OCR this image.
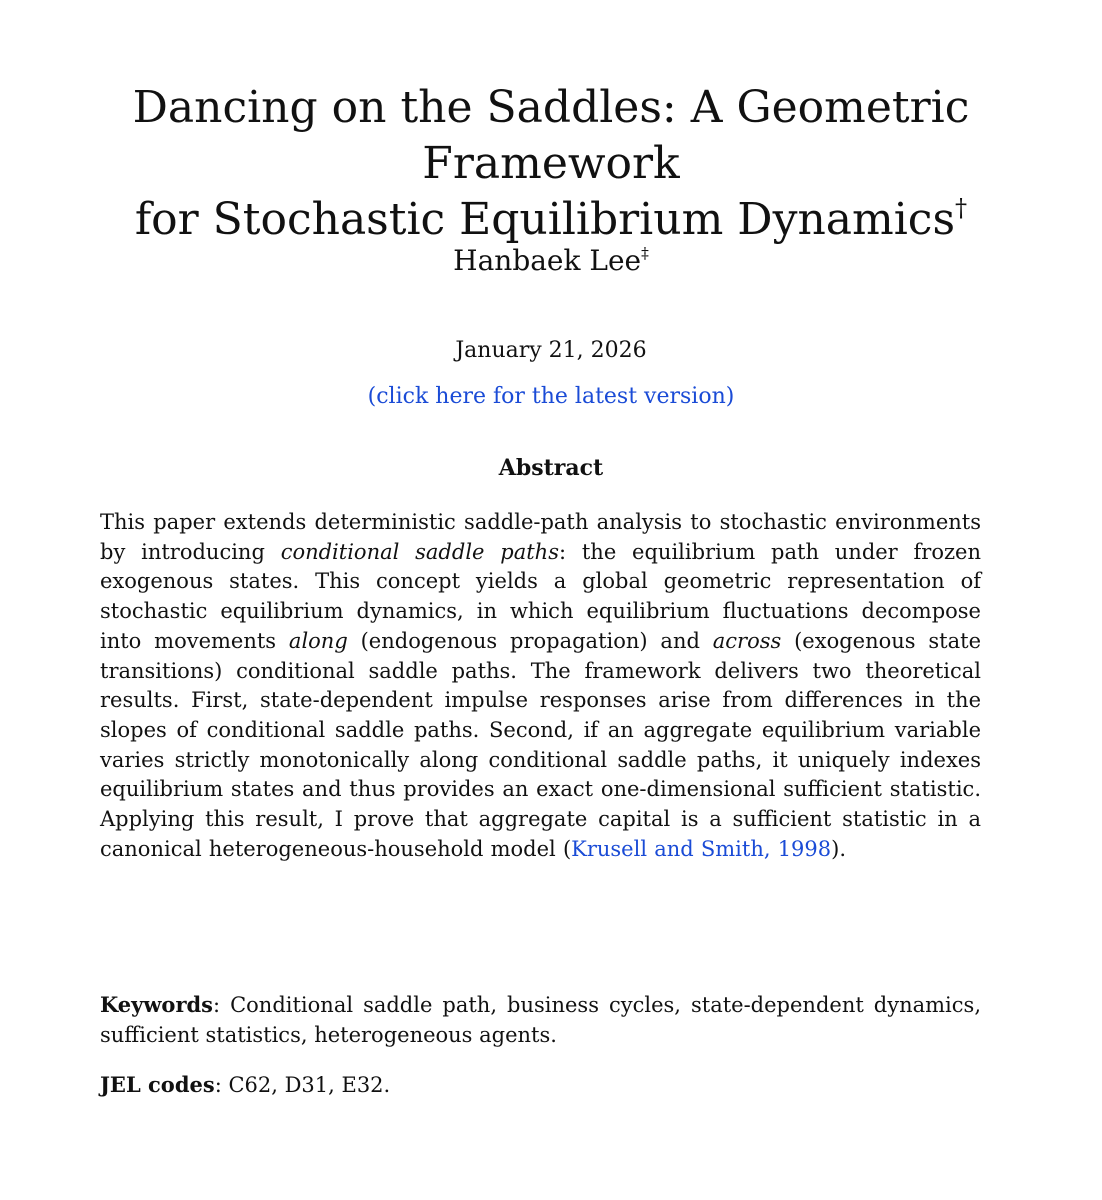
Dancing on the Saddles: A Geometric Framework
for Stochastic Equilibrium Dynamics†
Hanbaek Lee‡
January 21, 2026
(click here for the latest version)
Abstract
This paper extends deterministic saddle-path analysis to stochastic environments by introducing conditional saddle paths: the equilibrium path under frozen exogenous states. This concept yields a global geometric representation of stochastic equilibrium dynamics, in which equilibrium fluctuations decompose into movements along (endogenous propagation) and across (exogenous state transitions) conditional saddle paths. The framework delivers two theoretical results. First, state-dependent impulse responses arise from differences in the slopes of conditional saddle paths. Second, if an aggregate equilibrium variable varies strictly monotonically along conditional saddle paths, it uniquely indexes equilibrium states and thus provides an exact one-dimensional sufficient statistic. Applying this result, I prove that aggregate capital is a sufficient statistic in a canonical heterogeneous-household model (Krusell and Smith, 1998).
Keywords: Conditional saddle path, business cycles, state-dependent dynamics, sufficient statistics, heterogeneous agents.
JEL codes: C62, D31, E32.
